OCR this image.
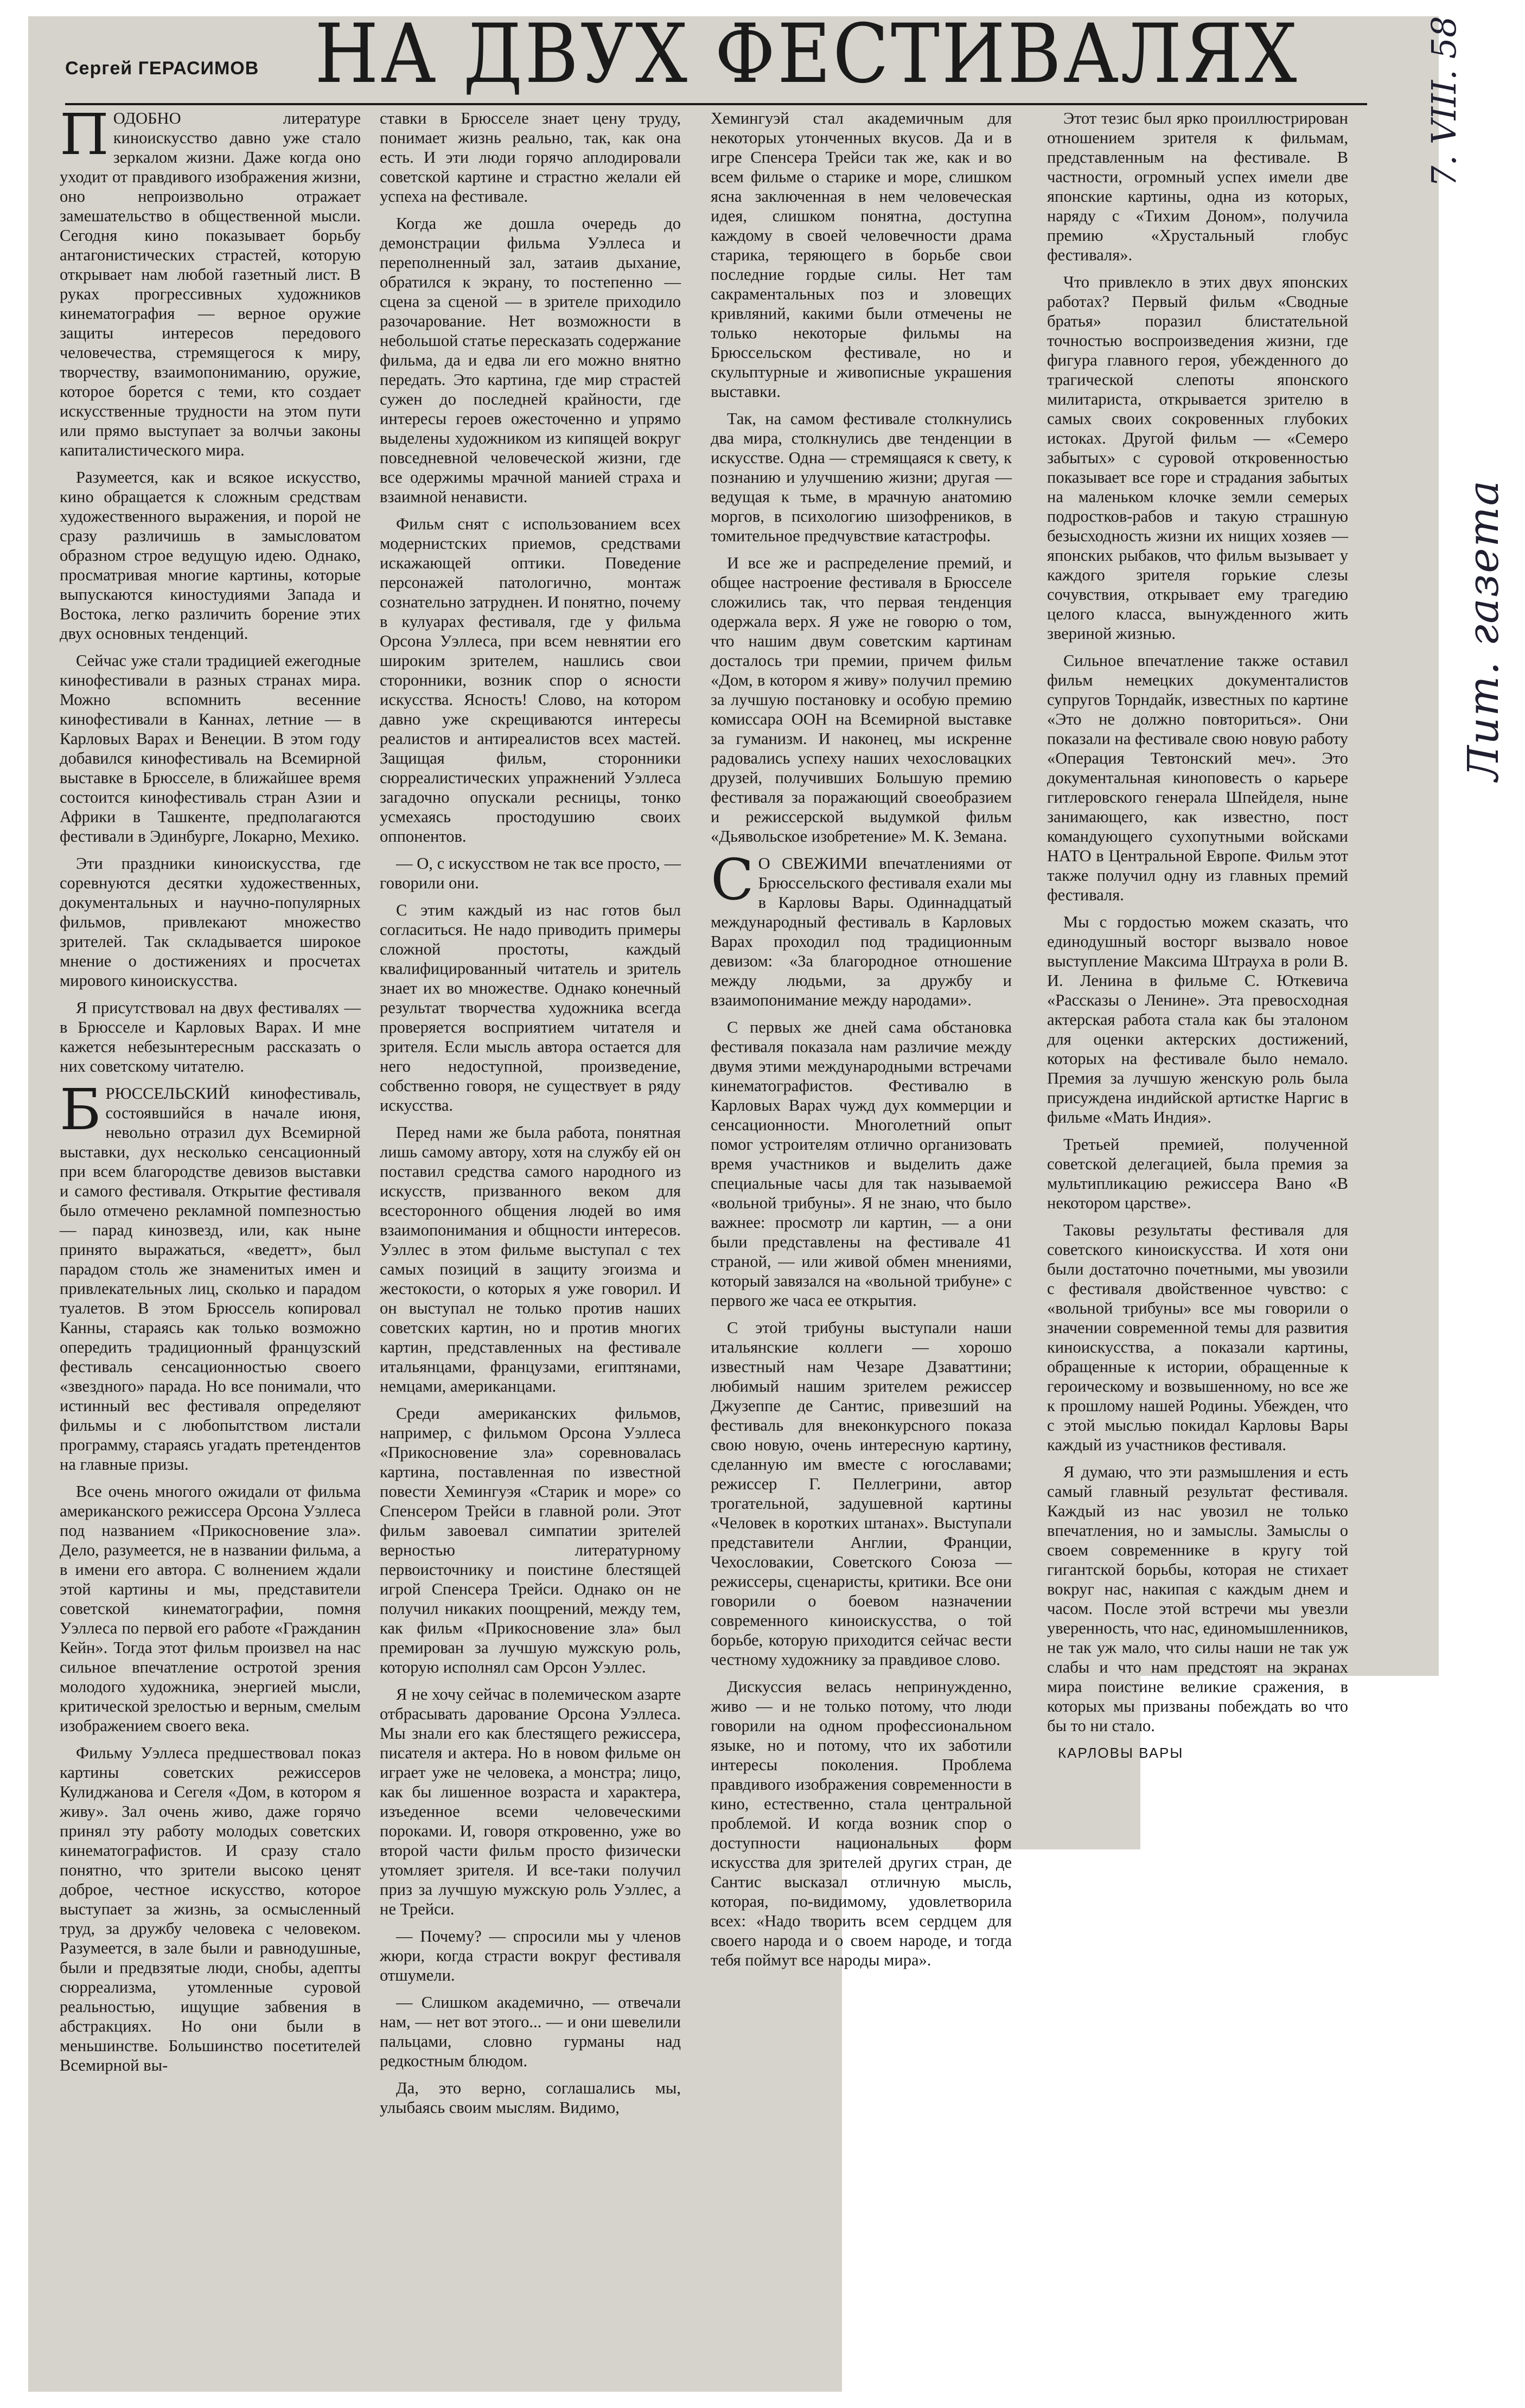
Сергей ГЕРАСИМОВ НА ДВУХ ФЕСТИВАЛЯХ

ПОДОБНО литературе киноискусство давно уже стало зеркалом жизни. Даже когда оно уходит от правдивого изображения жизни, оно непроизвольно отражает замешательство в общественной мысли. Сегодня кино показывает борьбу антагонистических страстей, которую открывает нам любой газетный лист. В руках прогрессивных художников кинематография — верное оружие защиты интересов передового человечества, стремящегося к миру, творчеству, взаимопониманию, оружие, которое борется с теми, кто создает искусственные трудности на этом пути или прямо выступает за волчьи законы капиталистического мира.

Разумеется, как и всякое искусство, кино обращается к сложным средствам художественного выражения, и порой не сразу различишь в замысловатом образном строе ведущую идею. Однако, просматривая многие картины, которые выпускаются киностудиями Запада и Востока, легко различить борение этих двух основных тенденций.

Сейчас уже стали традицией ежегодные кинофестивали в разных странах мира. Можно вспомнить весенние кинофестивали в Каннах, летние — в Карловых Варах и Венеции. В этом году добавился кинофестиваль на Всемирной выставке в Брюсселе, в ближайшее время состоится кинофестиваль стран Азии и Африки в Ташкенте, предполагаются фестивали в Эдинбурге, Локарно, Мехико.

Эти праздники киноискусства, где соревнуются десятки художественных, документальных и научно-популярных фильмов, привлекают множество зрителей. Так складывается широкое мнение о достижениях и просчетах мирового киноискусства.

Я присутствовал на двух фестивалях — в Брюсселе и Карловых Варах. И мне кажется небезынтересным рассказать о них советскому читателю.

БРЮССЕЛЬСКИЙ кинофестиваль, состоявшийся в начале июня, невольно отразил дух Всемирной выставки, дух несколько сенсационный при всем благородстве девизов выставки и самого фестиваля. Открытие фестиваля было отмечено рекламной помпезностью — парад кинозвезд, или, как ныне принято выражаться, «ведетт», был парадом столь же знаменитых имен и привлекательных лиц, сколько и парадом туалетов. В этом Брюссель копировал Канны, стараясь как только возможно опередить традиционный французский фестиваль сенсационностью своего «звездного» парада. Но все понимали, что истинный вес фестиваля определяют фильмы и с любопытством листали программу, стараясь угадать претендентов на главные призы.

Все очень многого ожидали от фильма американского режиссера Орсона Уэллеса под названием «Прикосновение зла». Дело, разумеется, не в названии фильма, а в имени его автора. С волнением ждали этой картины и мы, представители советской кинематографии, помня Уэллеса по первой его работе «Гражданин Кейн». Тогда этот фильм произвел на нас сильное впечатление остротой зрения молодого художника, энергией мысли, критической зрелостью и верным, смелым изображением своего века.

Фильму Уэллеса предшествовал показ картины советских режиссеров Кулиджанова и Сегеля «Дом, в котором я живу». Зал очень живо, даже горячо принял эту работу молодых советских кинематографистов. И сразу стало понятно, что зрители высоко ценят доброе, честное искусство, которое выступает за жизнь, за осмысленный труд, за дружбу человека с человеком. Разумеется, в зале были и равнодушные, были и предвзятые люди, снобы, адепты сюрреализма, утомленные суровой реальностью, ищущие забвения в абстракциях. Но они были в меньшинстве. Большинство посетителей Всемирной вы-

ставки в Брюсселе знает цену труду, понимает жизнь реально, так, как она есть. И эти люди горячо аплодировали советской картине и страстно желали ей успеха на фестивале.

Когда же дошла очередь до демонстрации фильма Уэллеса и переполненный зал, затаив дыхание, обратился к экрану, то постепенно — сцена за сценой — в зрителе приходило разочарование. Нет возможности в небольшой статье пересказать содержание фильма, да и едва ли его можно внятно передать. Это картина, где мир страстей сужен до последней крайности, где интересы героев ожесточенно и упрямо выделены художником из кипящей вокруг повседневной человеческой жизни, где все одержимы мрачной манией страха и взаимной ненависти.

Фильм снят с использованием всех модернистских приемов, средствами искажающей оптики. Поведение персонажей патологично, монтаж сознательно затруднен. И понятно, почему в кулуарах фестиваля, где у фильма Орсона Уэллеса, при всем невнятии его широким зрителем, нашлись свои сторонники, возник спор о ясности искусства. Ясность! Слово, на котором давно уже скрещиваются интересы реалистов и антиреалистов всех мастей. Защищая фильм, сторонники сюрреалистических упражнений Уэллеса загадочно опускали ресницы, тонко усмехаясь простодушию своих оппонентов.

— О, с искусством не так все просто, — говорили они.

С этим каждый из нас готов был согласиться. Не надо приводить примеры сложной простоты, каждый квалифицированный читатель и зритель знает их во множестве. Однако конечный результат творчества художника всегда проверяется восприятием читателя и зрителя. Если мысль автора остается для него недоступной, произведение, собственно говоря, не существует в ряду искусства.

Перед нами же была работа, понятная лишь самому автору, хотя на службу ей он поставил средства самого народного из искусств, призванного веком для всесторонного общения людей во имя взаимопонимания и общности интересов. Уэллес в этом фильме выступал с тех самых позиций в защиту эгоизма и жестокости, о которых я уже говорил. И он выступал не только против наших советских картин, но и против многих картин, представленных на фестивале итальянцами, французами, египтянами, немцами, американцами.

Среди американских фильмов, например, с фильмом Орсона Уэллеса «Прикосновение зла» соревновалась картина, поставленная по известной повести Хемингуэя «Старик и море» со Спенсером Трейси в главной роли. Этот фильм завоевал симпатии зрителей верностью литературному первоисточнику и поистине блестящей игрой Спенсера Трейси. Однако он не получил никаких поощрений, между тем, как фильм «Прикосновение зла» был премирован за лучшую мужскую роль, которую исполнял сам Орсон Уэллес.

Я не хочу сейчас в полемическом азарте отбрасывать дарование Орсона Уэллеса. Мы знали его как блестящего режиссера, писателя и актера. Но в новом фильме он играет уже не человека, а монстра; лицо, как бы лишенное возраста и характера, изъеденное всеми человеческими пороками. И, говоря откровенно, уже во второй части фильм просто физически утомляет зрителя. И все-таки получил приз за лучшую мужскую роль Уэллес, а не Трейси.

— Почему? — спросили мы у членов жюри, когда страсти вокруг фестиваля отшумели.

— Слишком академично, — отвечали нам, — нет вот этого... — и они шевелили пальцами, словно гурманы над редкостным блюдом.

Да, это верно, соглашались мы, улыбаясь своим мыслям. Видимо,

Хемингуэй стал академичным для некоторых утонченных вкусов. Да и в игре Спенсера Трейси так же, как и во всем фильме о старике и море, слишком ясна заключенная в нем человеческая идея, слишком понятна, доступна каждому в своей человечности драма старика, теряющего в борьбе свои последние гордые силы. Нет там сакраментальных поз и зловещих кривляний, какими были отмечены не только некоторые фильмы на Брюссельском фестивале, но и скульптурные и живописные украшения выставки.

Так, на самом фестивале столкнулись два мира, столкнулись две тенденции в искусстве. Одна — стремящаяся к свету, к познанию и улучшению жизни; другая — ведущая к тьме, в мрачную анатомию моргов, в психологию шизофреников, в томительное предчувствие катастрофы.

И все же и распределение премий, и общее настроение фестиваля в Брюсселе сложились так, что первая тенденция одержала верх. Я уже не говорю о том, что нашим двум советским картинам досталось три премии, причем фильм «Дом, в котором я живу» получил премию за лучшую постановку и особую премию комиссара ООН на Всемирной выставке за гуманизм. И наконец, мы искренне радовались успеху наших чехословацких друзей, получивших Большую премию фестиваля за поражающий своеобразием и режиссерской выдумкой фильм «Дьявольское изобретение» М. К. Земана.

С О СВЕЖИМИ впечатлениями от Брюссельского фестиваля ехали мы в Карловы Вары. Одиннадцатый международный фестиваль в Карловых Варах проходил под традиционным девизом: «За благородное отношение между людьми, за дружбу и взаимопонимание между народами».

С первых же дней сама обстановка фестиваля показала нам различие между двумя этими международными встречами кинематографистов. Фестивалю в Карловых Варах чужд дух коммерции и сенсационности. Многолетний опыт помог устроителям отлично организовать время участников и выделить даже специальные часы для так называемой «вольной трибуны». Я не знаю, что было важнее: просмотр ли картин, — а они были представлены на фестивале 41 страной, — или живой обмен мнениями, который завязался на «вольной трибуне» с первого же часа ее открытия.

С этой трибуны выступали наши итальянские коллеги — хорошо известный нам Чезаре Дзаваттини; любимый нашим зрителем режиссер Джузеппе де Сантис, привезший на фестиваль для внеконкурсного показа свою новую, очень интересную картину, сделанную им вместе с югославами; режиссер Г. Пеллегрини, автор трогательной, задушевной картины «Человек в коротких штанах». Выступали представители Англии, Франции, Чехословакии, Советского Союза — режиссеры, сценаристы, критики. Все они говорили о боевом назначении современного киноискусства, о той борьбе, которую приходится сейчас вести честному художнику за правдивое слово.

Дискуссия велась непринужденно, живо — и не только потому, что люди говорили на одном профессиональном языке, но и потому, что их заботили интересы поколения. Проблема правдивого изображения современности в кино, естественно, стала центральной проблемой. И когда возник спор о доступности национальных форм искусства для зрителей других стран, де Сантис высказал отличную мысль, которая, по-видимому, удовлетворила всех: «Надо творить всем сердцем для своего народа и о своем народе, и тогда тебя поймут все народы мира».

Этот тезис был ярко проиллюстрирован отношением зрителя к фильмам, представленным на фестивале. В частности, огромный успех имели две японские картины, одна из которых, наряду с «Тихим Доном», получила премию «Хрустальный глобус фестиваля».

Что привлекло в этих двух японских работах? Первый фильм «Сводные братья» поразил блистательной точностью воспроизведения жизни, где фигура главного героя, убежденного до трагической слепоты японского милитариста, открывается зрителю в самых своих сокровенных глубоких истоках. Другой фильм — «Семеро забытых» с суровой откровенностью показывает все горе и страдания забытых на маленьком клочке земли семерых подростков-рабов и такую страшную безысходность жизни их нищих хозяев — японских рыбаков, что фильм вызывает у каждого зрителя горькие слезы сочувствия, открывает ему трагедию целого класса, вынужденного жить звериной жизнью.

Сильное впечатление также оставил фильм немецких документалистов супругов Торндайк, известных по картине «Это не должно повториться». Они показали на фестивале свою новую работу «Операция Тевтонский меч». Это документальная киноповесть о карьере гитлеровского генерала Шпейделя, ныне занимающего, как известно, пост командующего сухопутными войсками НАТО в Центральной Европе. Фильм этот также получил одну из главных премий фестиваля.

Мы с гордостью можем сказать, что единодушный восторг вызвало новое выступление Максима Штрауха в роли В. И. Ленина в фильме С. Юткевича «Рассказы о Ленине». Эта превосходная актерская работа стала как бы эталоном для оценки актерских достижений, которых на фестивале было немало. Премия за лучшую женскую роль была присуждена индийской артистке Наргис в фильме «Мать Индия».

Третьей премией, полученной советской делегацией, была премия за мультипликацию режиссера Вано «В некотором царстве».

Таковы результаты фестиваля для советского киноискусства. И хотя они были достаточно почетными, мы увозили с фестиваля двойственное чувство: с «вольной трибуны» все мы говорили о значении современной темы для развития киноискусства, а показали картины, обращенные к истории, обращенные к героическому и возвышенному, но все же к прошлому нашей Родины. Убежден, что с этой мыслью покидал Карловы Вары каждый из участников фестиваля.

Я думаю, что эти размышления и есть самый главный результат фестиваля. Каждый из нас увозил не только впечатления, но и замыслы. Замыслы о своем современнике в кругу той гигантской борьбы, которая не стихает вокруг нас, накипая с каждым днем и часом. После этой встречи мы увезли уверенность, что нас, единомышленников, не так уж мало, что силы наши не так уж слабы и что нам предстоят на экранах мира поистине великие сражения, в которых мы призваны побеждать во что бы то ни стало.

КАРЛОВЫ ВАРЫ
7. VIII. 58
Лит. газета
